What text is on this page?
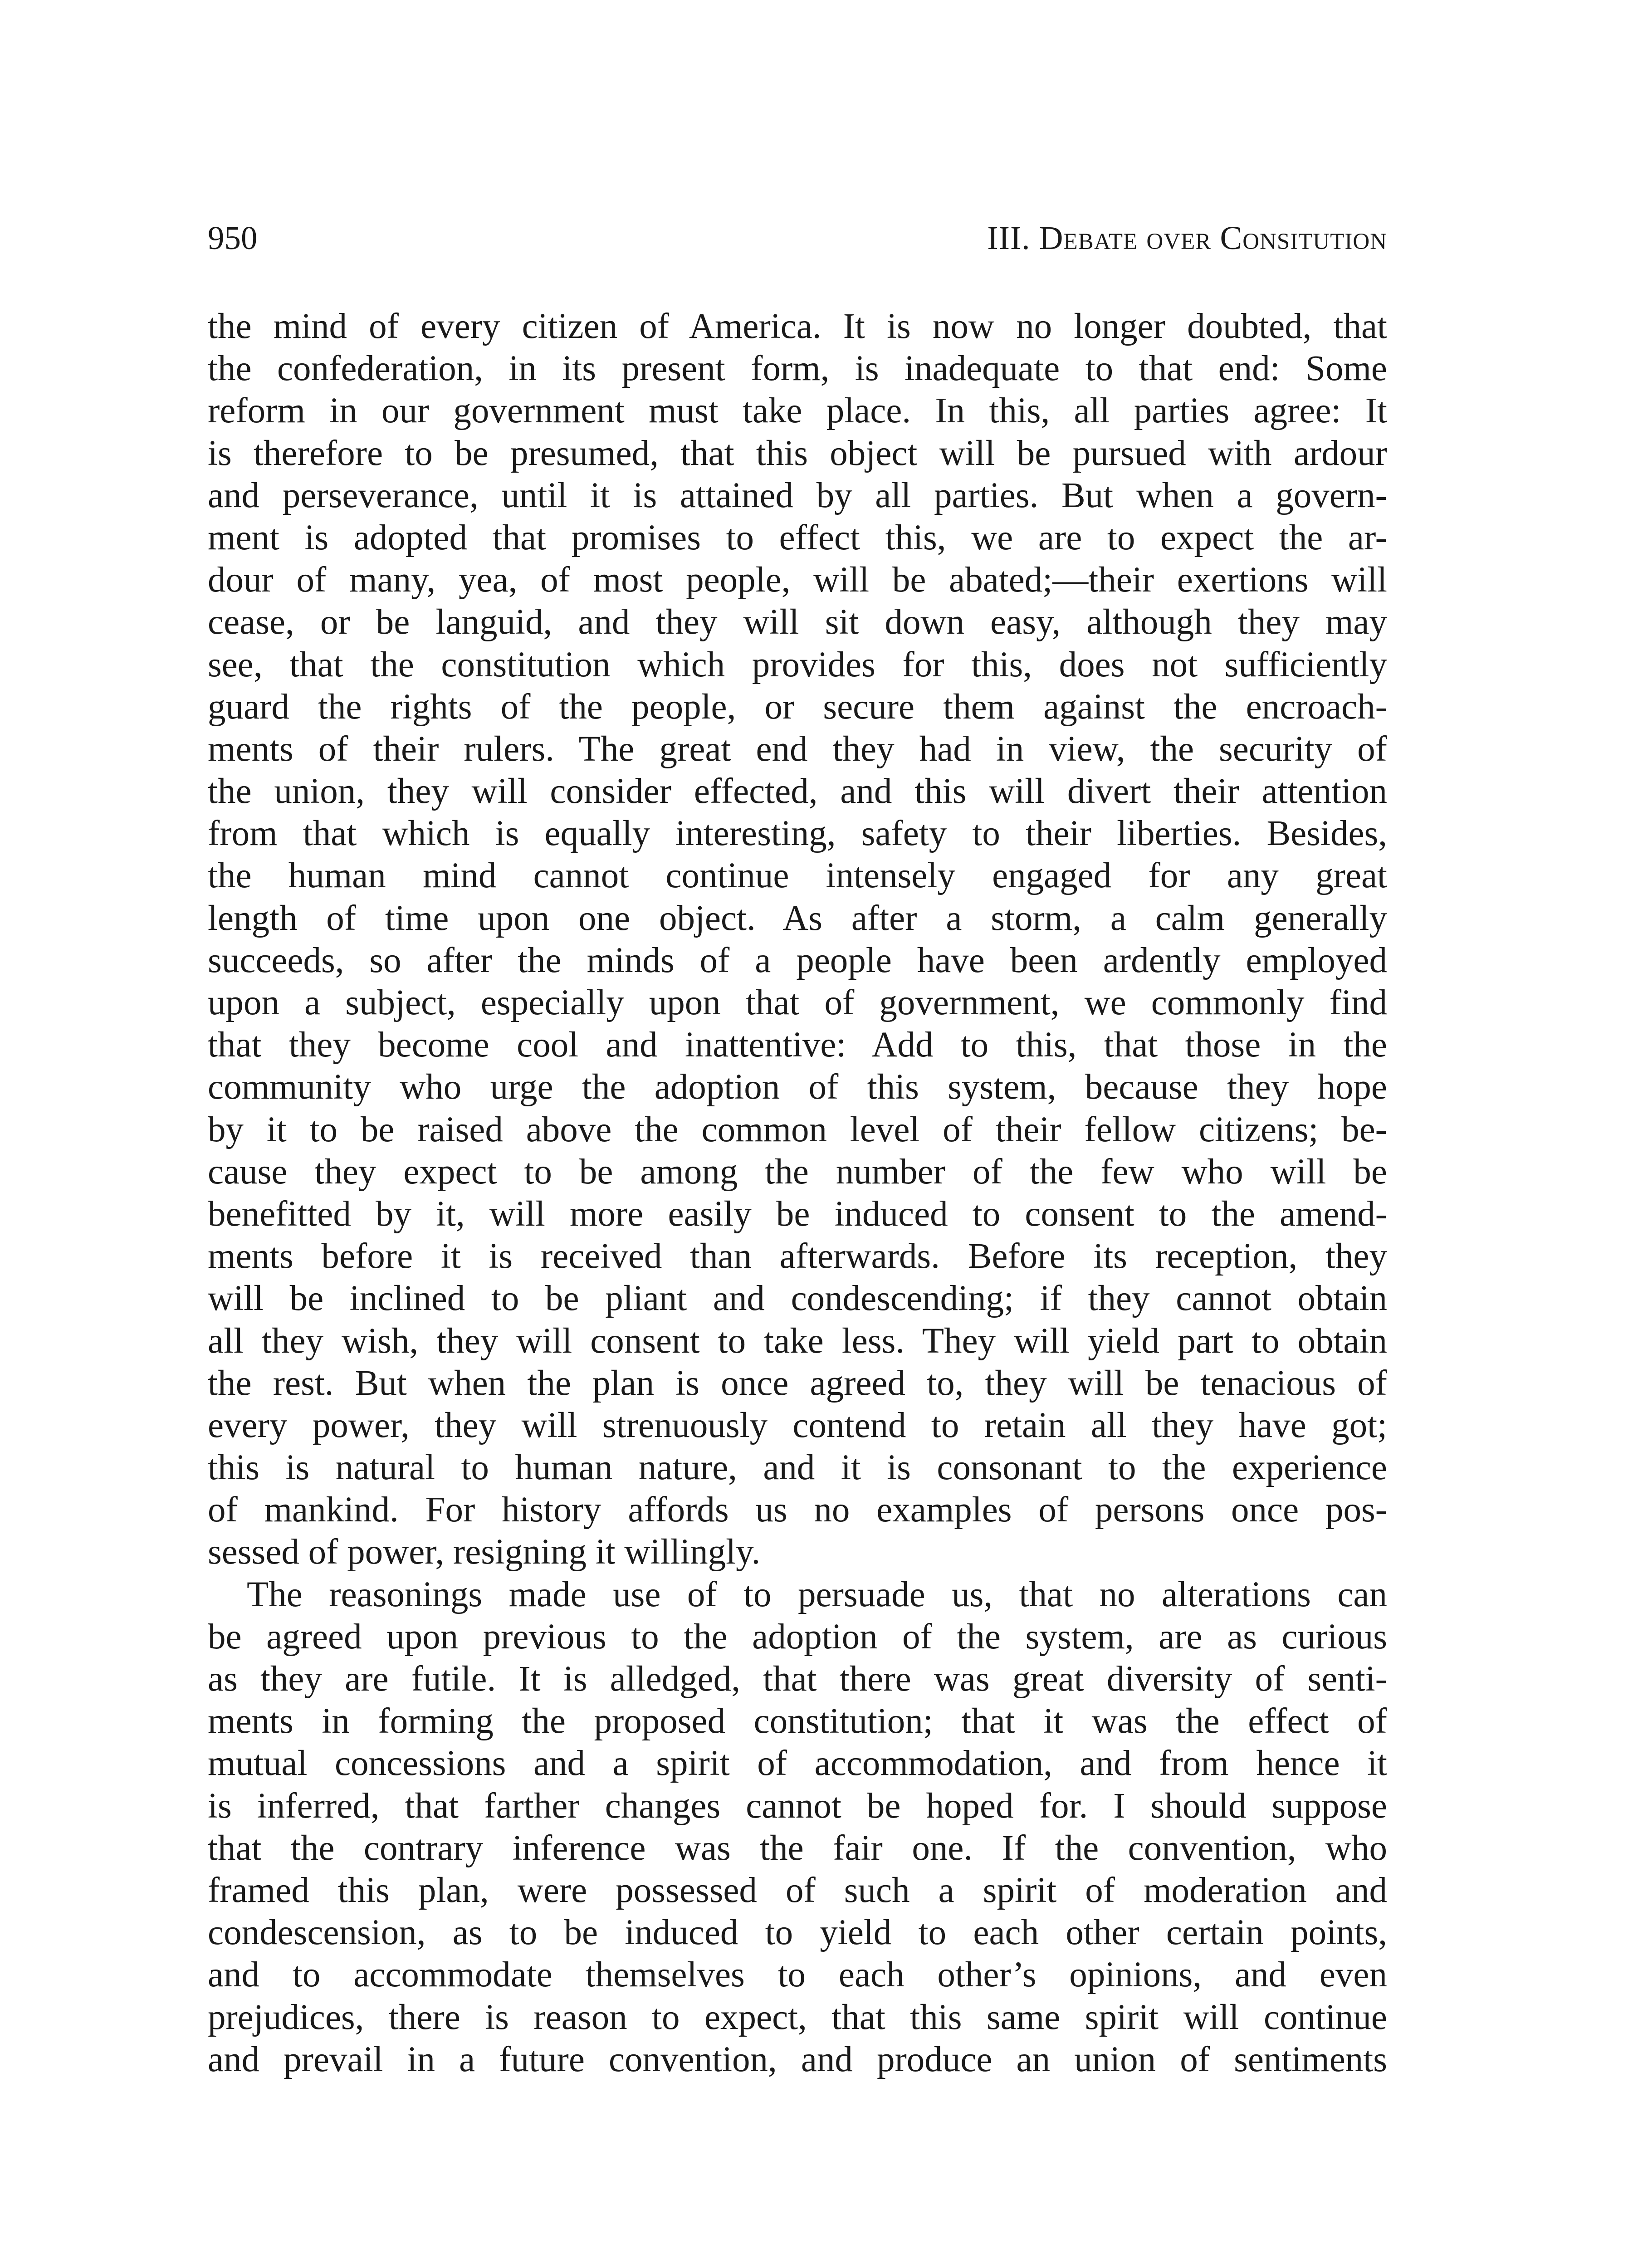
950	III. Debate over Consitution
the mind of every citizen of America. It is now no longer doubted, that
the confederation, in its present form, is inadequate to that end: Some
reform in our government must take place. In this, all parties agree: It
is therefore to be presumed, that this object will be pursued with ardour
and perseverance, until it is attained by all parties. But when a govern-
ment is adopted that promises to effect this, we are to expect the ar-
dour of many, yea, of most people, will be abated;—their exertions will
cease, or be languid, and they will sit down easy, although they may
see, that the constitution which provides for this, does not sufficiently
guard the rights of the people, or secure them against the encroach-
ments of their rulers. The great end they had in view, the security of
the union, they will consider effected, and this will divert their attention
from that which is equally interesting, safety to their liberties. Besides,
the human mind cannot continue intensely engaged for any great
length of time upon one object. As after a storm, a calm generally
succeeds, so after the minds of a people have been ardently employed
upon a subject, especially upon that of government, we commonly find
that they become cool and inattentive: Add to this, that those in the
community who urge the adoption of this system, because they hope
by it to be raised above the common level of their fellow citizens; be-
cause they expect to be among the number of the few who will be
benefitted by it, will more easily be induced to consent to the amend-
ments before it is received than afterwards. Before its reception, they
will be inclined to be pliant and condescending; if they cannot obtain
all they wish, they will consent to take less. They will yield part to obtain
the rest. But when the plan is once agreed to, they will be tenacious of
every power, they will strenuously contend to retain all they have got;
this is natural to human nature, and it is consonant to the experience
of mankind. For history affords us no examples of persons once pos-
sessed of power, resigning it willingly.
The reasonings made use of to persuade us, that no alterations can
be agreed upon previous to the adoption of the system, are as curious
as they are futile. It is alledged, that there was great diversity of senti-
ments in forming the proposed constitution; that it was the effect of
mutual concessions and a spirit of accommodation, and from hence it
is inferred, that farther changes cannot be hoped for. I should suppose
that the contrary inference was the fair one. If the convention, who
framed this plan, were possessed of such a spirit of moderation and
condescension, as to be induced to yield to each other certain points,
and to accommodate themselves to each other’s opinions, and even
prejudices, there is reason to expect, that this same spirit will continue
and prevail in a future convention, and produce an union of sentiments
